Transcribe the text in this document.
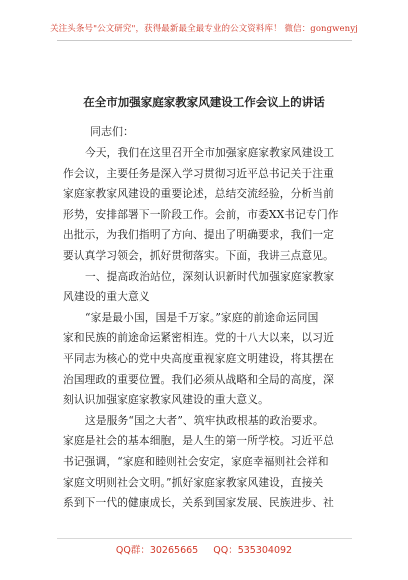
关注头条号"公文研究"，获得最新最全最专业的公文资料库！ 微信：gongwenyj
在全市加强家庭家教家风建设工作会议上的讲话
同志们：
今天，我们在这里召开全市加强家庭家教家风建设工
作会议，主要任务是深入学习贯彻习近平总书记关于注重
家庭家教家风建设的重要论述，总结交流经验，分析当前
形势，安排部署下一阶段工作。会前，市委XX书记专门作
出批示，为我们指明了方向、提出了明确要求，我们一定
要认真学习领会，抓好贯彻落实。下面，我讲三点意见。
一、提高政治站位，深刻认识新时代加强家庭家教家
风建设的重大意义
“家是最小国，国是千万家。”家庭的前途命运同国
家和民族的前途命运紧密相连。党的十八大以来，以习近
平同志为核心的党中央高度重视家庭文明建设，将其摆在
治国理政的重要位置。我们必须从战略和全局的高度，深
刻认识加强家庭家教家风建设的重大意义。
这是服务“国之大者”、筑牢执政根基的政治要求。
家庭是社会的基本细胞，是人生的第一所学校。习近平总
书记强调，“家庭和睦则社会安定，家庭幸福则社会祥和
家庭文明则社会文明。”抓好家庭家教家风建设，直接关
系到下一代的健康成长，关系到国家发展、民族进步、社
QQ群：30265665 QQ：535304092
